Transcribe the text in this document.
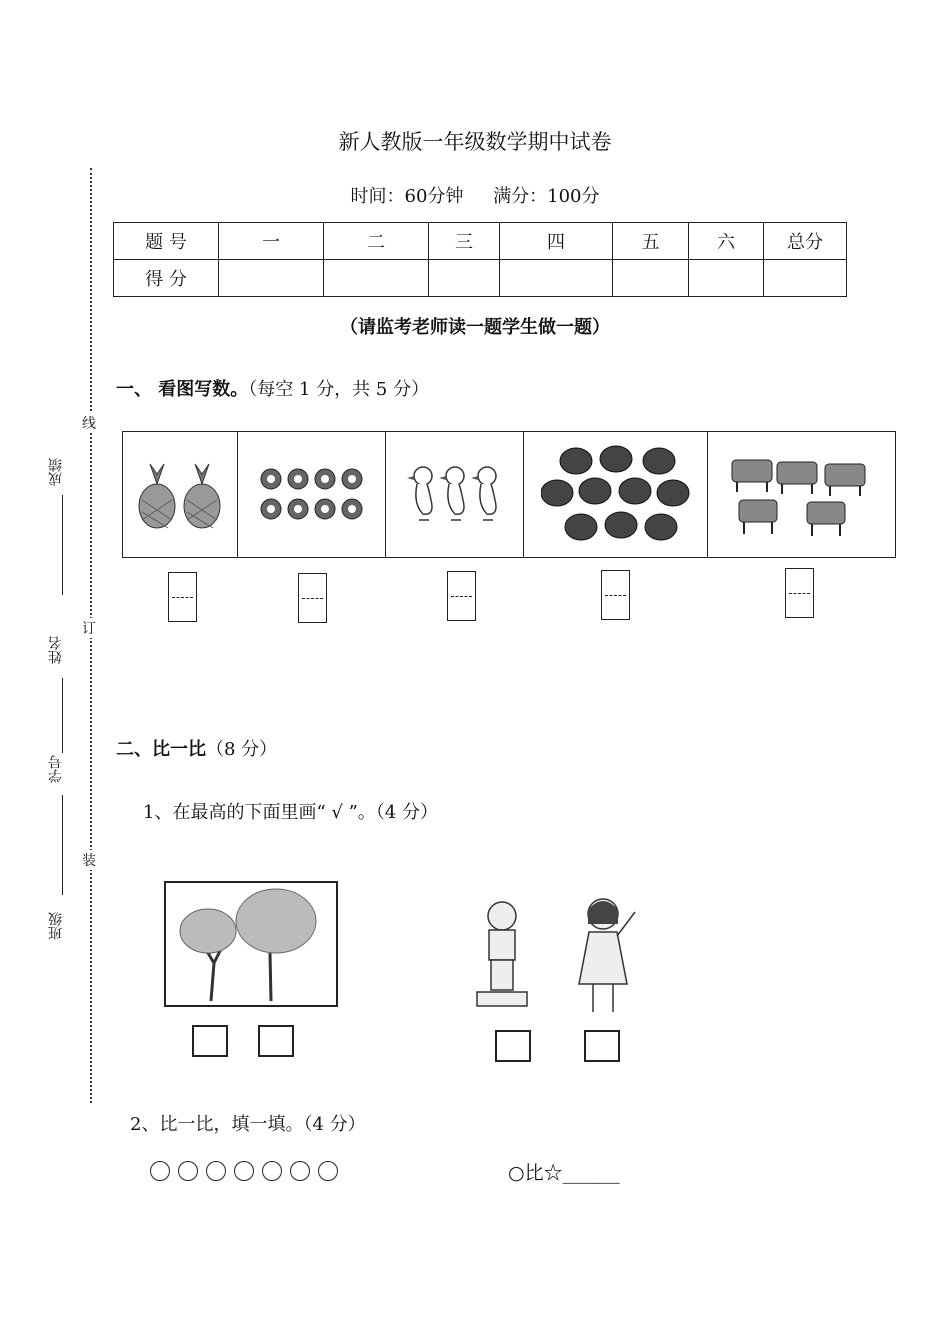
新人教版一年级数学期中试卷
时间：60分钟 满分：100分
题 号	一	二	三	四	五	六	总分
得 分							
（请监考老师读一题学生做一题）
线
订
装
成绩
姓名
学号
班级
一、 看图写数。（每空 1 分，共 5 分）
二、比一比（8 分）
1、在最高的下面里画“ √ ”。（4 分）
2、比一比，填一填。（4 分）
○比☆______
